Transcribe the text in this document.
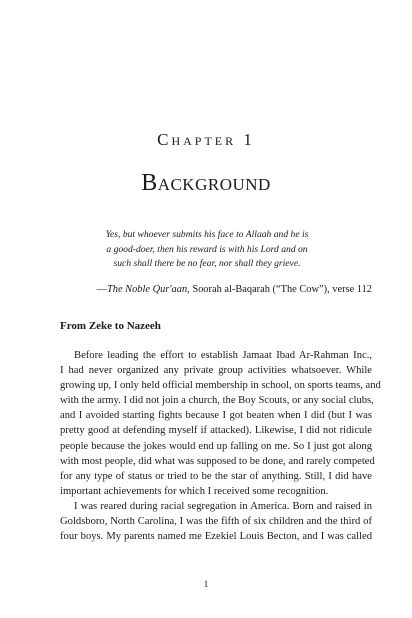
Chapter 1
Background
Yes, but whoever submits his face to Allaah and he is
a good-doer, then his reward is with his Lord and on
such shall there be no fear, nor shall they grieve.
—The Noble Qur'aan, Soorah al-Baqarah (“The Cow”), verse 112
From Zeke to Nazeeh
Before leading the effort to establish Jamaat Ibad Ar-Rahman Inc.,
I had never organized any private group activities whatsoever. While
growing up, I only held official membership in school, on sports teams, and
with the army. I did not join a church, the Boy Scouts, or any social clubs,
and I avoided starting fights because I got beaten when I did (but I was
pretty good at defending myself if attacked). Likewise, I did not ridicule
people because the jokes would end up falling on me. So I just got along
with most people, did what was supposed to be done, and rarely competed
for any type of status or tried to be the star of anything. Still, I did have
important achievements for which I received some recognition.
I was reared during racial segregation in America. Born and raised in
Goldsboro, North Carolina, I was the fifth of six children and the third of
four boys. My parents named me Ezekiel Louis Becton, and I was called
1
